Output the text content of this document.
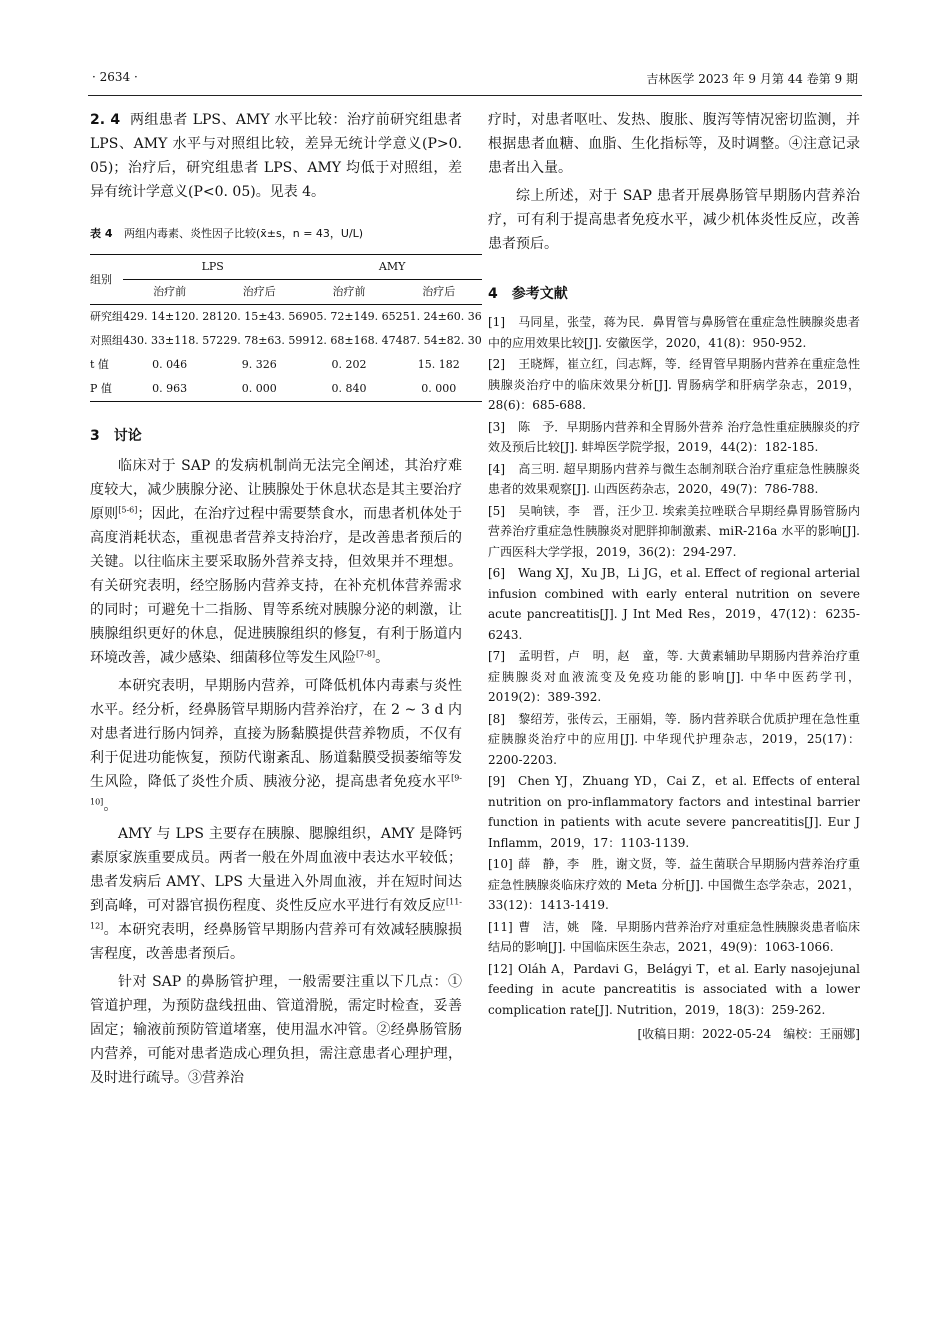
· 2634 ·	吉林医学 2023 年 9 月第 44 卷第 9 期

2. 4 两组患者 LPS、AMY 水平比较：治疗前研究组患者 LPS、AMY 水平与对照组比较，差异无统计学意义(P>0. 05)；治疗后，研究组患者 LPS、AMY 均低于对照组，差异有统计学意义(P<0. 05)。见表 4。

表 4 两组内毒素、炎性因子比较(x̄±s，n = 43，U/L)
组别	LPS		AMY	
	治疗前	治疗后	治疗前	治疗后
研究组	429. 14±120. 28	120. 15±43. 56	905. 72±149. 65	251. 24±60. 36
对照组	430. 33±118. 57	229. 78±63. 59	912. 68±168. 47	487. 54±82. 30
t 值	0. 046	9. 326	0. 202	15. 182
P 值	0. 963	0. 000	0. 840	0. 000
3　讨论

临床对于 SAP 的发病机制尚无法完全阐述，其治疗难度较大，减少胰腺分泌、让胰腺处于休息状态是其主要治疗原则[5-6]；因此，在治疗过程中需要禁食水，而患者机体处于高度消耗状态，重视患者营养支持治疗，是改善患者预后的关键。以往临床主要采取肠外营养支持，但效果并不理想。有关研究表明，经空肠肠内营养支持，在补充机体营养需求的同时；可避免十二指肠、胃等系统对胰腺分泌的刺激，让胰腺组织更好的休息，促进胰腺组织的修复，有利于肠道内环境改善，减少感染、细菌移位等发生风险[7-8]。

本研究表明，早期肠内营养，可降低机体内毒素与炎性水平。经分析，经鼻肠管早期肠内营养治疗，在 2 ~ 3 d 内对患者进行肠内饲养，直接为肠黏膜提供营养物质，不仅有利于促进功能恢复，预防代谢紊乱、肠道黏膜受损萎缩等发生风险，降低了炎性介质、胰液分泌，提高患者免疫水平[9-10]。

AMY 与 LPS 主要存在胰腺、腮腺组织，AMY 是降钙素原家族重要成员。两者一般在外周血液中表达水平较低；患者发病后 AMY、LPS 大量进入外周血液，并在短时间达到高峰，可对器官损伤程度、炎性反应水平进行有效反应[11-12]。本研究表明，经鼻肠管早期肠内营养可有效减轻胰腺损害程度，改善患者预后。

针对 SAP 的鼻肠管护理，一般需要注重以下几点：①管道护理，为预防盘线扭曲、管道滑脱，需定时检查，妥善固定；输液前预防管道堵塞，使用温水冲管。②经鼻肠管肠内营养，可能对患者造成心理负担，需注意患者心理护理，及时进行疏导。③营养治

疗时，对患者呕吐、发热、腹胀、腹泻等情况密切监测，并根据患者血糖、血脂、生化指标等，及时调整。④注意记录患者出入量。

综上所述，对于 SAP 患者开展鼻肠管早期肠内营养治疗，可有利于提高患者免疫水平，减少机体炎性反应，改善患者预后。

4　参考文献
[1] 马同星，张莹，蒋为民．鼻胃管与鼻肠管在重症急性胰腺炎患者中的应用效果比较[J]. 安徽医学，2020，41(8)：950-952.
[2] 王晓辉，崔立红，闫志辉，等．经胃管早期肠内营养在重症急性胰腺炎治疗中的临床效果分析[J]. 胃肠病学和肝病学杂志，2019，28(6)：685-688.
[3] 陈　予．早期肠内营养和全胃肠外营养 治疗急性重症胰腺炎的疗效及预后比较[J]. 蚌埠医学院学报，2019，44(2)：182-185.
[4] 高三明. 超早期肠内营养与微生态制剂联合治疗重症急性胰腺炎患者的效果观察[J]. 山西医药杂志，2020，49(7)：786-788.
[5] 吴响铗，李　晋，汪少卫. 埃索美拉唑联合早期经鼻胃肠管肠内营养治疗重症急性胰腺炎对肥胖抑制激素、miR-216a 水平的影响[J]. 广西医科大学学报，2019，36(2)：294-297.
[6] Wang XJ，Xu JB，Li JG，et al. Effect of regional arterial infusion combined with early enteral nutrition on severe acute pancreatitis[J]. J Int Med Res，2019，47(12)：6235-6243.
[7] 孟明哲，卢　明，赵　童，等. 大黄素辅助早期肠内营养治疗重症胰腺炎对血液流变及免疫功能的影响[J]. 中华中医药学刊，2019(2)：389-392.
[8] 黎绍芳，张传云，王丽娟，等．肠内营养联合优质护理在急性重症胰腺炎治疗中的应用[J]. 中华现代护理杂志，2019，25(17)：2200-2203.
[9] Chen YJ，Zhuang YD，Cai Z，et al. Effects of enteral nutrition on pro-inflammatory factors and intestinal barrier function in patients with acute severe pancreatitis[J]. Eur J Inflamm，2019，17：1103-1139.
[10] 薛　静，李　胜，谢文贤，等．益生菌联合早期肠内营养治疗重症急性胰腺炎临床疗效的 Meta 分析[J]. 中国微生态学杂志，2021，33(12)：1413-1419.
[11] 曹　洁，姚　隆．早期肠内营养治疗对重症急性胰腺炎患者临床结局的影响[J]. 中国临床医生杂志，2021，49(9)：1063-1066.
[12] Oláh A，Pardavi G，Belágyi T，et al. Early nasojejunal feeding in acute pancreatitis is associated with a lower complication rate[J]. Nutrition，2019，18(3)：259-262.
[收稿日期：2022-05-24　编校：王丽娜]
